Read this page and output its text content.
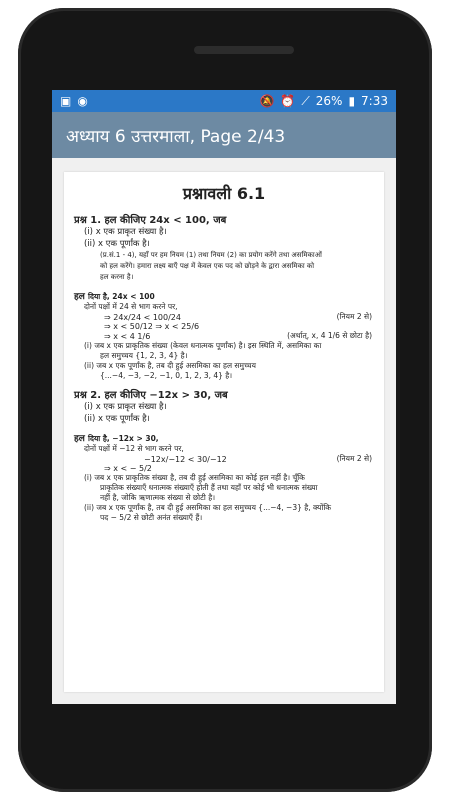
▣ ◉	🔕 ⏰ ⟋ 26% ▮ 7:33
अध्याय 6 उत्तरमाला, Page 2/43
प्रश्नावली 6.1
प्रश्न 1. हल कीजिए 24x < 100, जब
(i) x एक प्राकृत संख्या है।
(ii) x एक पूर्णांक है।
(प्र.सं.1 - 4), यहाँ पर हम नियम (1) तथा नियम (2) का प्रयोग करेंगे तथा असमिकाओं
को हल करेंगे। हमारा लक्ष्य बाएँ पक्ष में केवल एक पद को छोड़ने के द्वारा असमिका को
हल करना है।
हल दिया है, 24x < 100
दोनों पक्षों में 24 से भाग करने पर,
⇒ 24x/24 < 100/24	(नियम 2 से)
⇒ x < 50/12 ⇒ x < 25/6
⇒ x < 4 1/6	(अर्थात्, x, 4 1/6 से छोटा है)
(i) जब x एक प्राकृतिक संख्या (केवल धनात्मक पूर्णांक) है। इस स्थिति में, असमिका का
हल समुच्चय {1, 2, 3, 4} है।
(ii) जब x एक पूर्णांक है, तब दी हुई असमिका का हल समुच्चय
{...−4, −3, −2, −1, 0, 1, 2, 3, 4} है।
प्रश्न 2. हल कीजिए −12x > 30, जब
(i) x एक प्राकृत संख्या है।
(ii) x एक पूर्णांक है।
हल दिया है, −12x > 30,
दोनों पक्षों में −12 से भाग करने पर,
−12x/−12 < 30/−12	(नियम 2 से)
⇒ x < − 5/2
(i) जब x एक प्राकृतिक संख्या है, तब दी हुई असमिका का कोई हल नहीं है। चूँकि
प्राकृतिक संख्याएँ धनात्मक संख्याएँ होती हैं तथा यहाँ पर कोई भी धनात्मक संख्या
नहीं है, जोकि ऋणात्मक संख्या से छोटी है।
(ii) जब x एक पूर्णांक है, तब दी हुई असमिका का हल समुच्चय {...−4, −3} है, क्योंकि
पद − 5/2 से छोटी अनंत संख्याएँ हैं।
